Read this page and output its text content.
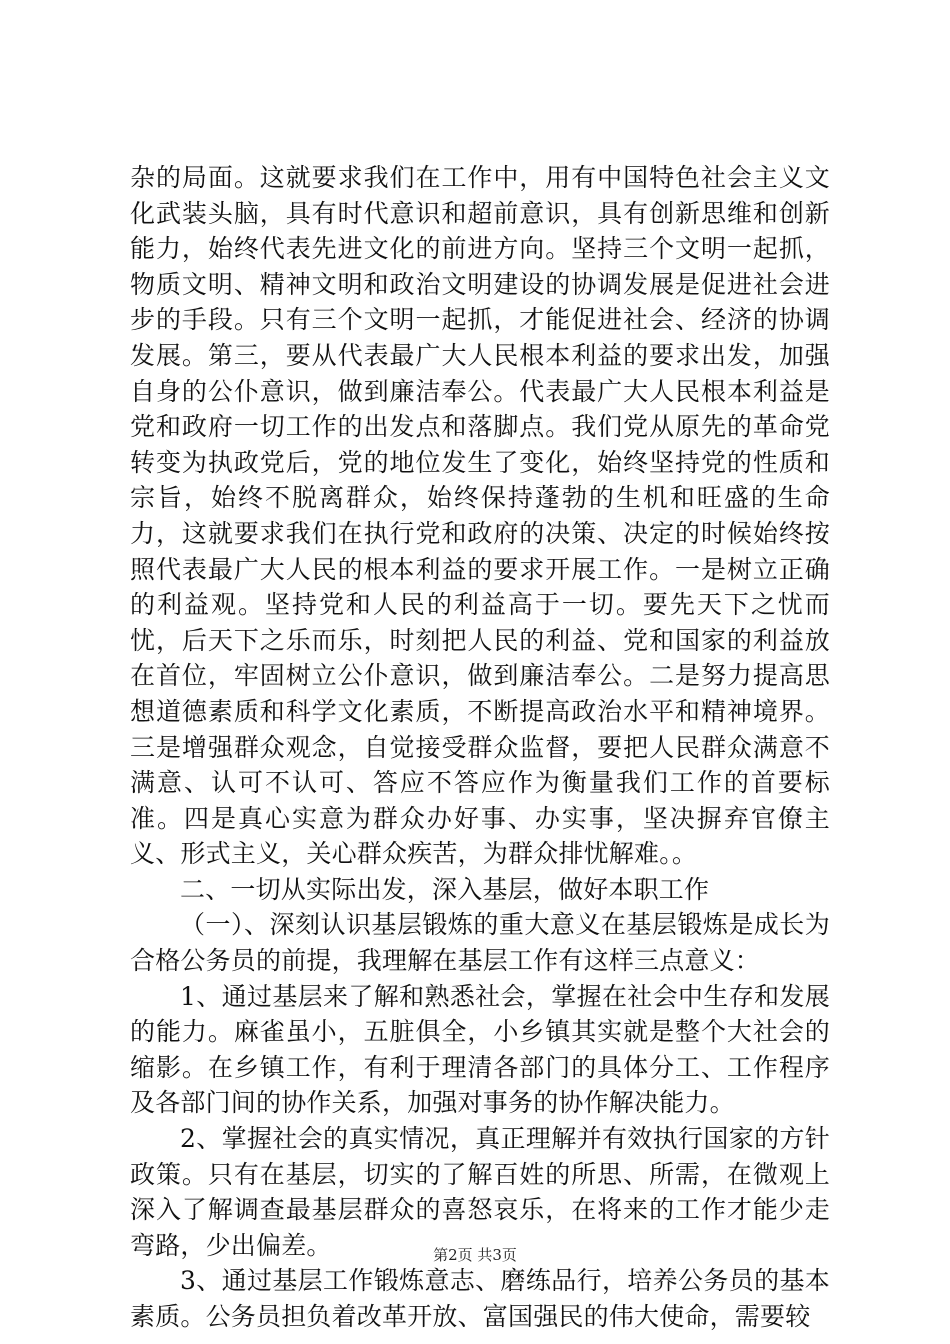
杂的局面。这就要求我们在工作中，用有中国特色社会主义文化武装头脑，具有时代意识和超前意识，具有创新思维和创新能力，始终代表先进文化的前进方向。坚持三个文明一起抓，物质文明、精神文明和政治文明建设的协调发展是促进社会进步的手段。只有三个文明一起抓，才能促进社会、经济的协调发展。第三，要从代表最广大人民根本利益的要求出发，加强自身的公仆意识，做到廉洁奉公。代表最广大人民根本利益是党和政府一切工作的出发点和落脚点。我们党从原先的革命党转变为执政党后，党的地位发生了变化，始终坚持党的性质和宗旨，始终不脱离群众，始终保持蓬勃的生机和旺盛的生命力，这就要求我们在执行党和政府的决策、决定的时候始终按照代表最广大人民的根本利益的要求开展工作。一是树立正确的利益观。坚持党和人民的利益高于一切。要先天下之忧而忧，后天下之乐而乐，时刻把人民的利益、党和国家的利益放在首位，牢固树立公仆意识，做到廉洁奉公。二是努力提高思想道德素质和科学文化素质，不断提高政治水平和精神境界。三是增强群众观念，自觉接受群众监督，要把人民群众满意不满意、认可不认可、答应不答应作为衡量我们工作的首要标准。四是真心实意为群众办好事、办实事，坚决摒弃官僚主义、形式主义，关心群众疾苦，为群众排忧解难。。

二、一切从实际出发，深入基层，做好本职工作

（一）、深刻认识基层锻炼的重大意义在基层锻炼是成长为合格公务员的前提，我理解在基层工作有这样三点意义：

1、通过基层来了解和熟悉社会，掌握在社会中生存和发展的能力。麻雀虽小，五脏俱全，小乡镇其实就是整个大社会的缩影。在乡镇工作，有利于理清各部门的具体分工、工作程序及各部门间的协作关系，加强对事务的协作解决能力。

2、掌握社会的真实情况，真正理解并有效执行国家的方针政策。只有在基层，切实的了解百姓的所思、所需，在微观上深入了解调查最基层群众的喜怒哀乐，在将来的工作才能少走弯路，少出偏差。

3、通过基层工作锻炼意志、磨练品行，培养公务员的基本素质。公务员担负着改革开放、富国强民的伟大使命，需要较

第2页 共3页
